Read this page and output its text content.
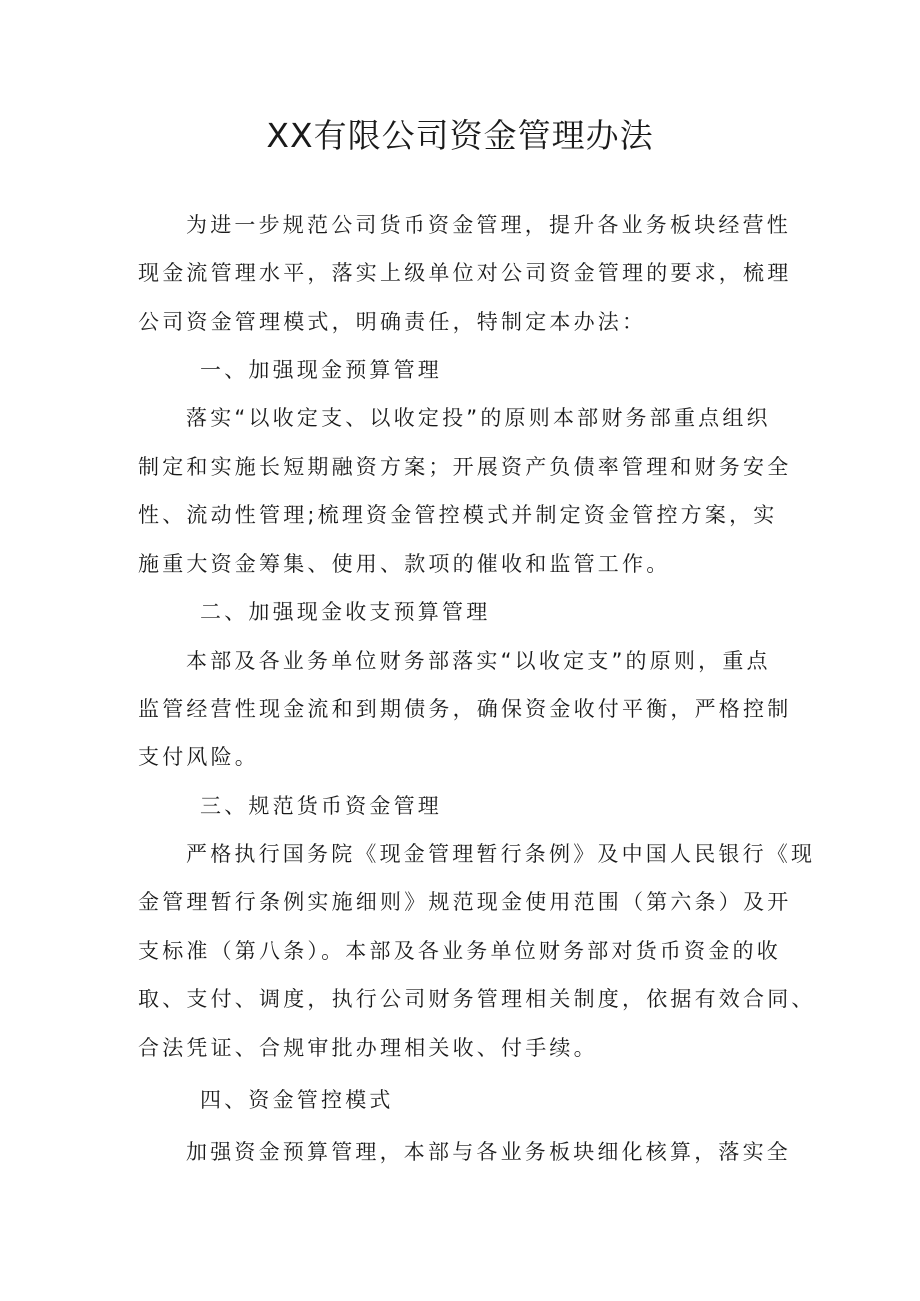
XX有限公司资金管理办法

为进一步规范公司货币资金管理，提升各业务板块经营性

现金流管理水平，落实上级单位对公司资金管理的要求，梳理

公司资金管理模式，明确责任，特制定本办法：

一、加强现金预算管理

落实“以收定支、以收定投”的原则本部财务部重点组织

制定和实施长短期融资方案；开展资产负债率管理和财务安全

性、流动性管理;梳理资金管控模式并制定资金管控方案，实

施重大资金筹集、使用、款项的催收和监管工作。

二、加强现金收支预算管理

本部及各业务单位财务部落实“以收定支”的原则，重点

监管经营性现金流和到期债务，确保资金收付平衡，严格控制

支付风险。

三、规范货币资金管理

严格执行国务院《现金管理暂行条例》及中国人民银行《现

金管理暂行条例实施细则》规范现金使用范围（第六条）及开

支标准（第八条）。本部及各业务单位财务部对货币资金的收

取、支付、调度，执行公司财务管理相关制度，依据有效合同、

合法凭证、合规审批办理相关收、付手续。

四、资金管控模式

加强资金预算管理，本部与各业务板块细化核算，落实全
